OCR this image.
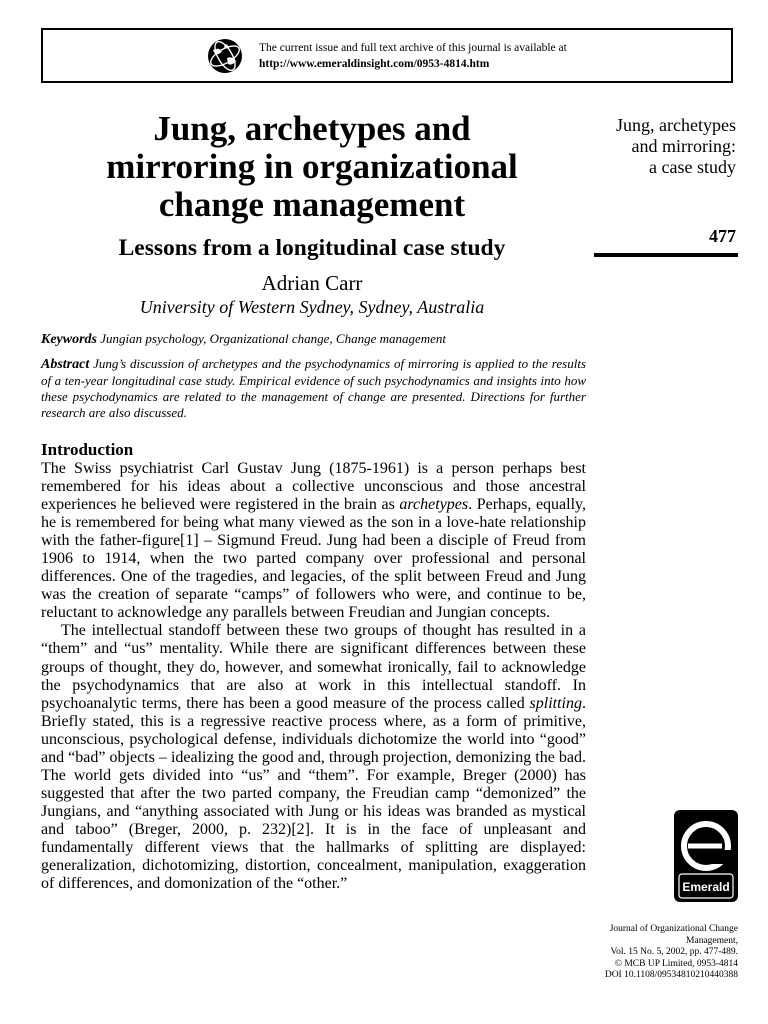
The current issue and full text archive of this journal is available at
http://www.emeraldinsight.com/0953-4814.htm
Jung, archetypes and
mirroring in organizational
change management
Lessons from a longitudinal case study
Adrian Carr
University of Western Sydney, Sydney, Australia
Jung, archetypes
and mirroring:
a case study
477
Keywords Jungian psychology, Organizational change, Change management
Abstract Jung’s discussion of archetypes and the psychodynamics of mirroring is applied to the results of a ten-year longitudinal case study. Empirical evidence of such psychodynamics and insights into how these psychodynamics are related to the management of change are presented. Directions for further research are also discussed.
Introduction

The Swiss psychiatrist Carl Gustav Jung (1875-1961) is a person perhaps best remembered for his ideas about a collective unconscious and those ancestral experiences he believed were registered in the brain as archetypes. Perhaps, equally, he is remembered for being what many viewed as the son in a love-hate relationship with the father-figure[1] – Sigmund Freud. Jung had been a disciple of Freud from 1906 to 1914, when the two parted company over professional and personal differences. One of the tragedies, and legacies, of the split between Freud and Jung was the creation of separate “camps” of followers who were, and continue to be, reluctant to acknowledge any parallels between Freudian and Jungian concepts.

The intellectual standoff between these two groups of thought has resulted in a “them” and “us” mentality. While there are significant differences between these groups of thought, they do, however, and somewhat ironically, fail to acknowledge the psychodynamics that are also at work in this intellectual standoff. In psychoanalytic terms, there has been a good measure of the process called splitting. Briefly stated, this is a regressive reactive process where, as a form of primitive, unconscious, psychological defense, individuals dichotomize the world into “good” and “bad” objects – idealizing the good and, through projection, demonizing the bad. The world gets divided into “us” and “them”. For example, Breger (2000) has suggested that after the two parted company, the Freudian camp “demonized” the Jungians, and “anything associated with Jung or his ideas was branded as mystical and taboo” (Breger, 2000, p. 232)[2]. It is in the face of unpleasant and fundamentally different views that the hallmarks of splitting are displayed: generalization, dichotomizing, distortion, concealment, manipulation, exaggeration of differences, and domonization of the “other.”	Emerald
Journal of Organizational Change
Management,
Vol. 15 No. 5, 2002, pp. 477-489.
© MCB UP Limited, 0953-4814
DOI 10.1108/09534810210440388
